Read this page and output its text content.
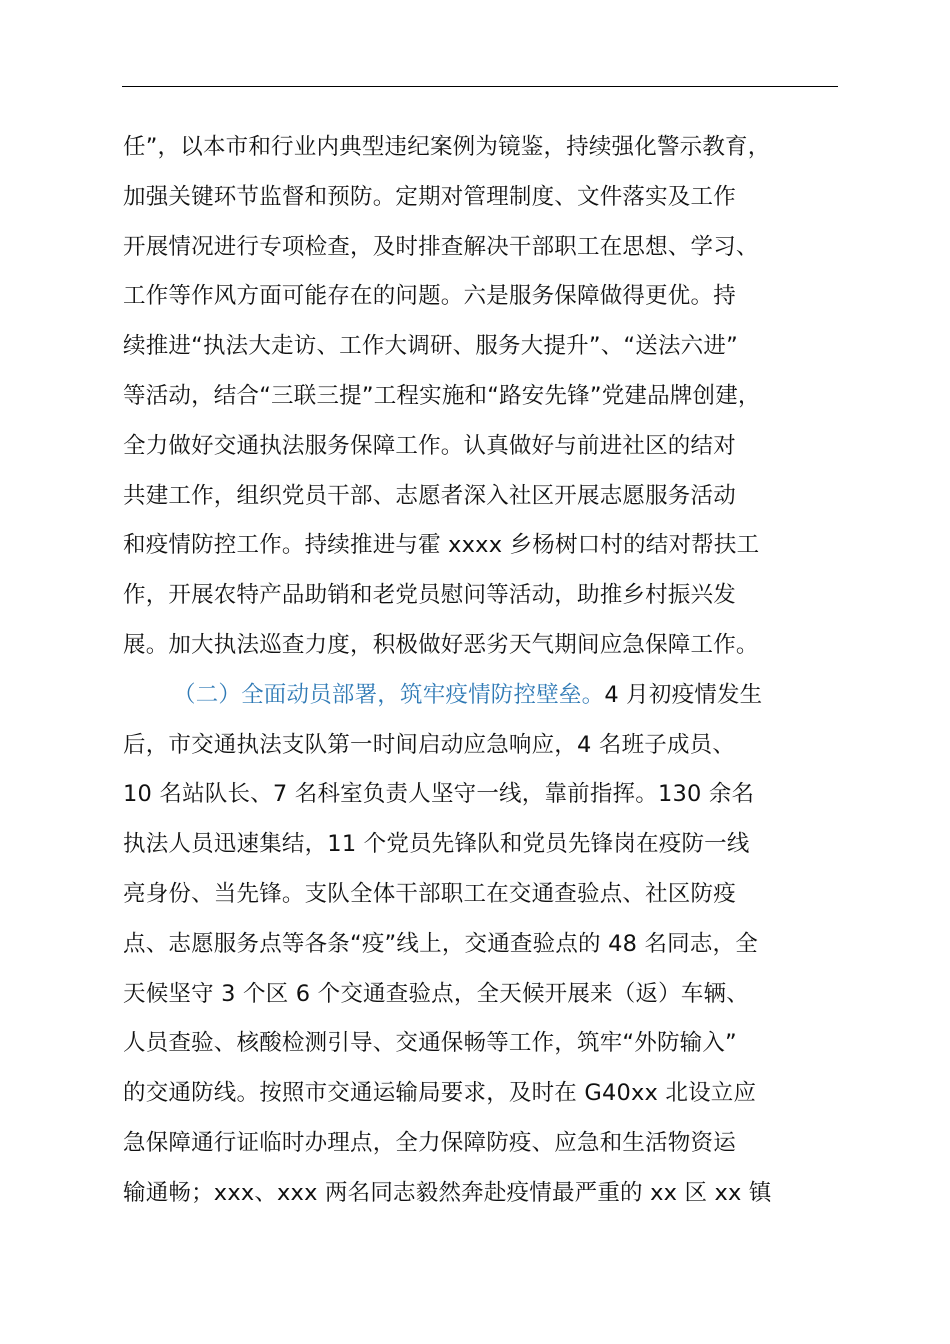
任”，以本市和行业内典型违纪案例为镜鉴，持续强化警示教育，
加强关键环节监督和预防。定期对管理制度、文件落实及工作
开展情况进行专项检查，及时排查解决干部职工在思想、学习、
工作等作风方面可能存在的问题。六是服务保障做得更优。持
续推进“执法大走访、工作大调研、服务大提升”、“送法六进”
等活动，结合“三联三提”工程实施和“路安先锋”党建品牌创建，
全力做好交通执法服务保障工作。认真做好与前进社区的结对
共建工作，组织党员干部、志愿者深入社区开展志愿服务活动
和疫情防控工作。持续推进与霍 xxxx 乡杨树口村的结对帮扶工
作，开展农特产品助销和老党员慰问等活动，助推乡村振兴发
展。加大执法巡查力度，积极做好恶劣天气期间应急保障工作。
（二）全面动员部署，筑牢疫情防控壁垒。4 月初疫情发生
后，市交通执法支队第一时间启动应急响应，4 名班子成员、
10 名站队长、7 名科室负责人坚守一线，靠前指挥。130 余名
执法人员迅速集结，11 个党员先锋队和党员先锋岗在疫防一线
亮身份、当先锋。支队全体干部职工在交通查验点、社区防疫
点、志愿服务点等各条“疫”线上，交通查验点的 48 名同志，全
天候坚守 3 个区 6 个交通查验点，全天候开展来（返）车辆、
人员查验、核酸检测引导、交通保畅等工作，筑牢“外防输入”
的交通防线。按照市交通运输局要求，及时在 G40xx 北设立应
急保障通行证临时办理点，全力保障防疫、应急和生活物资运
输通畅；xxx、xxx 两名同志毅然奔赴疫情最严重的 xx 区 xx 镇
